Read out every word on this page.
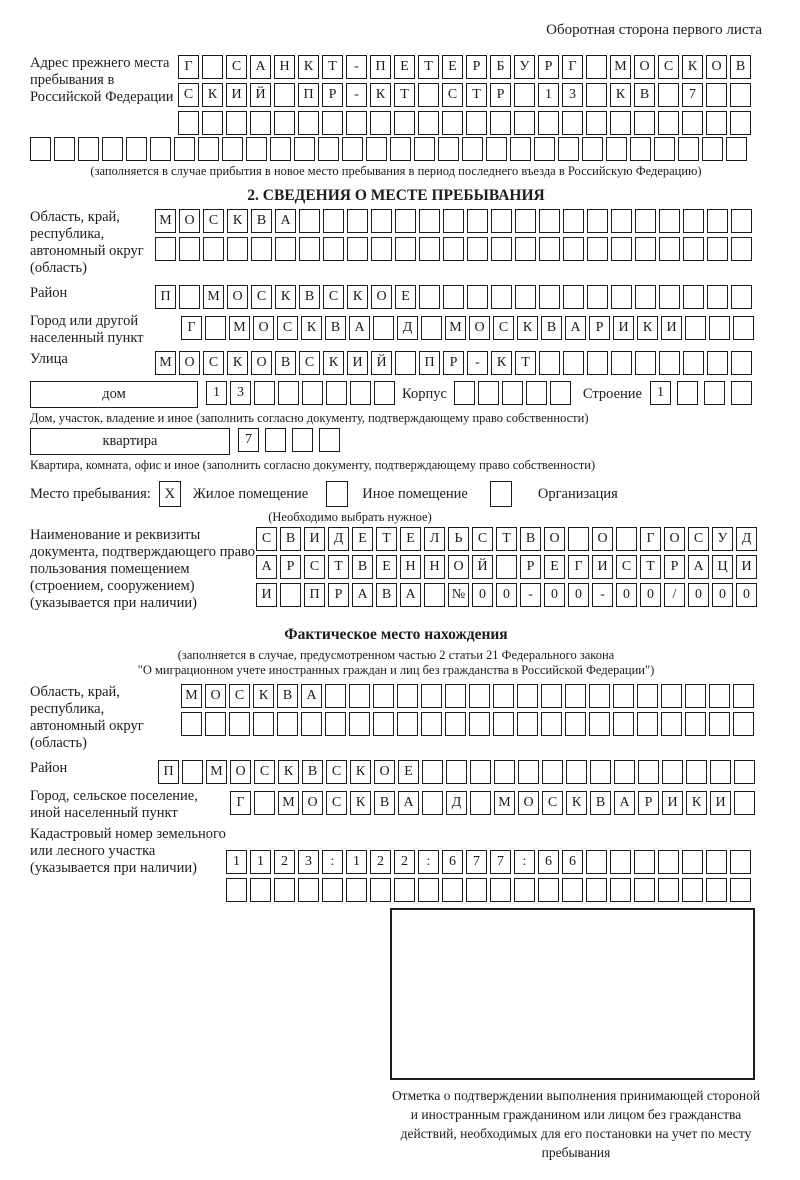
Оборотная сторона первого листа
Адрес прежнего места пребывания в Российской Федерации
Г	С	А Н	К	Т	-	П	Е	Т	Е	Р	Б	У	Р	Г	М О	С	К	О	В
С	К	И Й	П	Р	-	К	Т	С	Т	Р	1	3	К	В	7
(заполняется в случае прибытия в новое место пребывания в период последнего въезда в Российскую Федерацию)
2. СВЕДЕНИЯ О МЕСТЕ ПРЕБЫВАНИЯ
Область, край, республика, автономный округ (область)
М О	С	К	В	А
Район	П	М О	С	К	В	С	К	О	Е
Город или другой населенный пункт
Г	М О	С	К	В	А	Д	М О	С	К	В	А	Р	И	К	И
Улица	М О	С	К	О	В	С	К	И Й	П	Р	-	К	Т
дом	1	3	Корпус	Строение	1
Дом, участок, владение и иное (заполнить согласно документу, подтверждающему право собственности)
квартира	7
Квартира, комната, офис и иное (заполнить согласно документу, подтверждающему право собственности)
Место пребывания: X	Жилое помещение	Иное помещение	Организация
(Необходимо выбрать нужное)
Наименование и реквизиты документа, подтверждающего право пользования помещением (строением, сооружением) (указывается при наличии)
С	В	И	Д	Е	Т	Е	Л	Ь	С	Т	В	О	О	Г	О	С	У	Д
А	Р	С	Т	В	Е	Н Н О Й	Р	Е	Г	И	С	Т	Р	А Ц И
И	П	Р	А	В	А	№ 0	0	-	0	0	-	0	0	/	0	0	0
Фактическое место нахождения
(заполняется в случае, предусмотренном частью 2 статьи 21 Федерального закона
"О миграционном учете иностранных граждан и лиц без гражданства в Российской Федерации")
Область, край, республика, автономный округ (область)
М О	С	К	В	А
Район	П	М О	С	К	В	С	К	О	Е
Город, сельское поселение, иной населенный пункт
Г	М О	С	К	В	А	Д	М О	С	К	В	А	Р	И	К	И
Кадастровый номер земельного или лесного участка (указывается при наличии)	1	1	2	3	:	1	2	2	:	6	7	7	:	6	6
Отметка о подтверждении выполнения принимающей стороной и иностранным гражданином или лицом без гражданства действий, необходимых для его постановки на учет по месту пребывания
